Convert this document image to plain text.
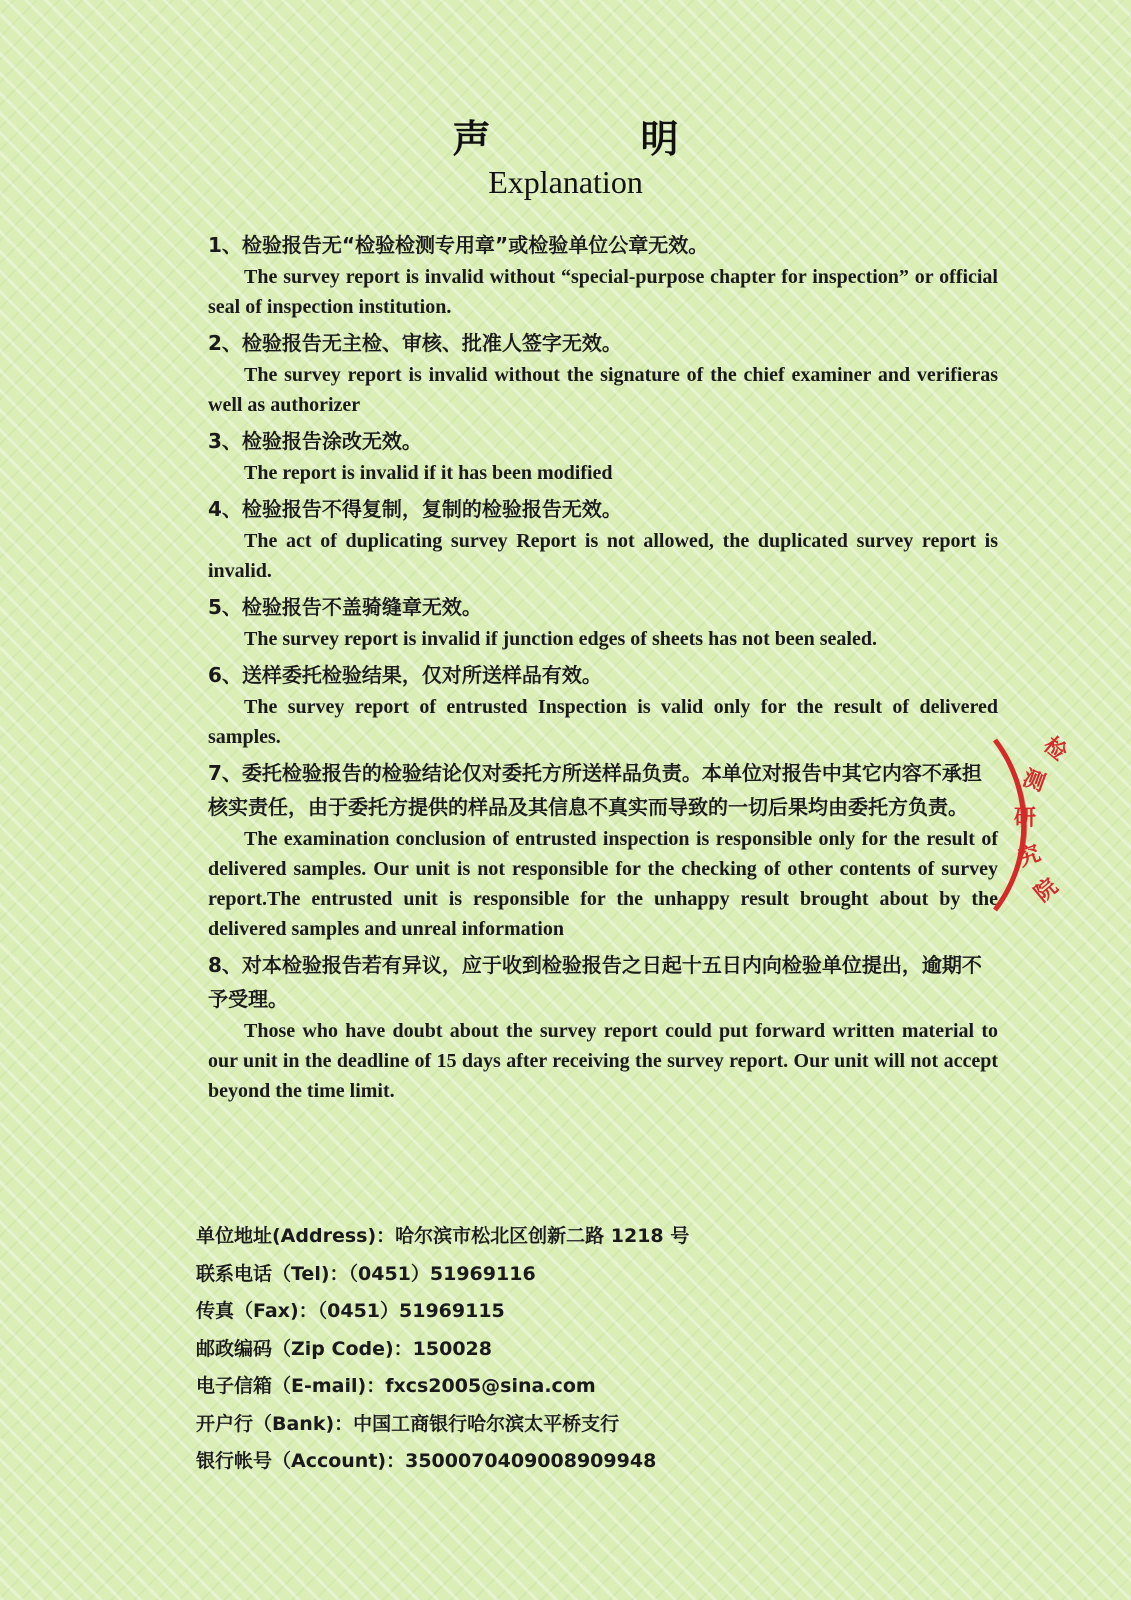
声明
Explanation

1、检验报告无“检验检测专用章”或检验单位公章无效。

The survey report is invalid without “special-purpose chapter for inspection” or official seal of inspection institution.

2、检验报告无主检、审核、批准人签字无效。

The survey report is invalid without the signature of the chief examiner and verifieras well as authorizer

3、检验报告涂改无效。

The report is invalid if it has been modified

4、检验报告不得复制，复制的检验报告无效。

The act of duplicating survey Report is not allowed, the duplicated survey report is invalid.

5、检验报告不盖骑缝章无效。

The survey report is invalid if junction edges of sheets has not been sealed.

6、送样委托检验结果，仅对所送样品有效。

The survey report of entrusted Inspection is valid only for the result of delivered samples.

7、委托检验报告的检验结论仅对委托方所送样品负责。本单位对报告中其它内容不承担核实责任，由于委托方提供的样品及其信息不真实而导致的一切后果均由委托方负责。

The examination conclusion of entrusted inspection is responsible only for the result of delivered samples. Our unit is not responsible for the checking of other contents of survey report.The entrusted unit is responsible for the unhappy result brought about by the delivered samples and unreal information

8、对本检验报告若有异议，应于收到检验报告之日起十五日内向检验单位提出，逾期不予受理。

Those who have doubt about the survey report could put forward written material to our unit in the deadline of 15 days after receiving the survey report. Our unit will not accept beyond the time limit.

单位地址(Address)：哈尔滨市松北区创新二路 1218 号

联系电话（Tel)：（0451）51969116

传真（Fax)：（0451）51969115

邮政编码（Zip Code)：150028

电子信箱（E-mail)：fxcs2005@sina.com

开户行（Bank)：中国工商银行哈尔滨太平桥支行

银行帐号（Account)：3500070409008909948

检
测
研
究
院
